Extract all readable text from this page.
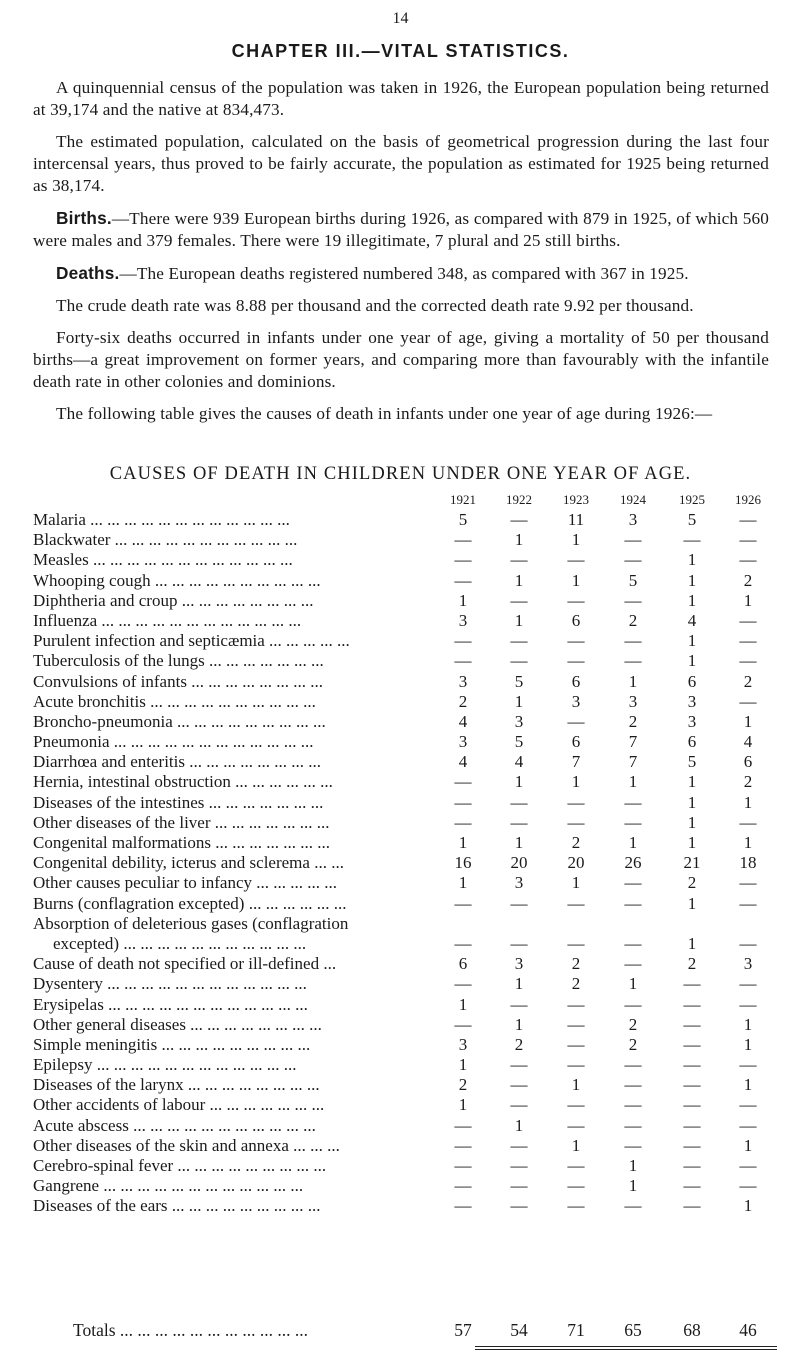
14
CHAPTER III.—VITAL STATISTICS.

A quinquennial census of the population was taken in 1926, the European population being returned at 39,174 and the native at 834,473.

The estimated population, calculated on the basis of geometrical progression during the last four intercensal years, thus proved to be fairly accurate, the population as estimated for 1925 being returned as 38,174.

Births.—There were 939 European births during 1926, as compared with 879 in 1925, of which 560 were males and 379 females. There were 19 illegitimate, 7 plural and 25 still births.

Deaths.—The European deaths registered numbered 348, as compared with 367 in 1925.

The crude death rate was 8.88 per thousand and the corrected death rate 9.92 per thousand.

Forty-six deaths occurred in infants under one year of age, giving a mortality of 50 per thousand births—a great improvement on former years, and comparing more than favourably with the infantile death rate in other colonies and dominions.

The following table gives the causes of death in infants under one year of age during 1926:—

CAUSES OF DEATH IN CHILDREN UNDER ONE YEAR OF AGE.
1921	1922	1923	1924	1925	1926
Malaria ... ... ... ... ... ... ... ... ... ... ... ...	5	—	11	3	5	—
Blackwater ... ... ... ... ... ... ... ... ... ... ...	—	1	1	—	—	—
Measles ... ... ... ... ... ... ... ... ... ... ... ...	—	—	—	—	1	—
Whooping cough ... ... ... ... ... ... ... ... ... ...	—	1	1	5	1	2
Diphtheria and croup ... ... ... ... ... ... ... ...	1	—	—	—	1	1
Influenza ... ... ... ... ... ... ... ... ... ... ... ...	3	1	6	2	4	—
Purulent infection and septicæmia ... ... ... ... ...	—	—	—	—	1	—
Tuberculosis of the lungs ... ... ... ... ... ... ...	—	—	—	—	1	—
Convulsions of infants ... ... ... ... ... ... ... ...	3	5	6	1	6	2
Acute bronchitis ... ... ... ... ... ... ... ... ... ...	2	1	3	3	3	—
Broncho-pneumonia ... ... ... ... ... ... ... ... ...	4	3	—	2	3	1
Pneumonia ... ... ... ... ... ... ... ... ... ... ... ...	3	5	6	7	6	4
Diarrhœa and enteritis ... ... ... ... ... ... ... ...	4	4	7	7	5	6
Hernia, intestinal obstruction ... ... ... ... ... ...	—	1	1	1	1	2
Diseases of the intestines ... ... ... ... ... ... ...	—	—	—	—	1	1
Other diseases of the liver ... ... ... ... ... ... ...	—	—	—	—	1	—
Congenital malformations ... ... ... ... ... ... ...	1	1	2	1	1	1
Congenital debility, icterus and sclerema ... ...	16	20	20	26	21	18
Other causes peculiar to infancy ... ... ... ... ...	1	3	1	—	2	—
Burns (conflagration excepted) ... ... ... ... ... ...	—	—	—	—	1	—
Absorption of deleterious gases (conflagration
excepted) ... ... ... ... ... ... ... ... ... ... ...	—	—	—	—	1	—
Cause of death not specified or ill-defined ...	6	3	2	—	2	3
Dysentery ... ... ... ... ... ... ... ... ... ... ... ...	—	1	2	1	—	—
Erysipelas ... ... ... ... ... ... ... ... ... ... ... ...	1	—	—	—	—	—
Other general diseases ... ... ... ... ... ... ... ...	—	1	—	2	—	1
Simple meningitis ... ... ... ... ... ... ... ... ...	3	2	—	2	—	1
Epilepsy ... ... ... ... ... ... ... ... ... ... ... ...	1	—	—	—	—	—
Diseases of the larynx ... ... ... ... ... ... ... ...	2	—	1	—	—	1
Other accidents of labour ... ... ... ... ... ... ...	1	—	—	—	—	—
Acute abscess ... ... ... ... ... ... ... ... ... ... ...	—	1	—	—	—	—
Other diseases of the skin and annexa ... ... ...	—	—	1	—	—	1
Cerebro-spinal fever ... ... ... ... ... ... ... ... ...	—	—	—	1	—	—
Gangrene ... ... ... ... ... ... ... ... ... ... ... ...	—	—	—	1	—	—
Diseases of the ears ... ... ... ... ... ... ... ... ...	—	—	—	—	—	1
Totals ... ... ... ... ... ... ... ... ... ... ...	57	54	71	65	68	46
